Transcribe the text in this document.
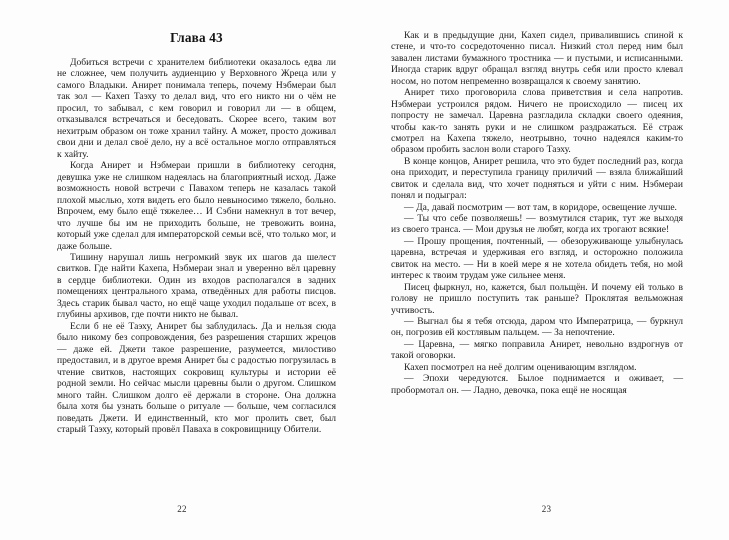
Глава 43

Добиться встречи с хранителем библиотеки оказалось едва ли не сложнее, чем получить аудиенцию у Верховного Жреца или у самого Владыки. Анирет понимала теперь, почему Нэбмераи был так зол — Кахеп Таэху то делал вид, что его никто ни о чём не просил, то забывал, с кем говорил и говорил ли — в общем, отказывался встречаться и беседовать. Скорее всего, таким вот нехитрым образом он тоже хранил тайну. А может, просто доживал свои дни и делал своё дело, ну а всё остальное могло отправляться к хайту.

Когда Анирет и Нэбмераи пришли в библиотеку сегодня, девушка уже не слишком надеялась на благоприятный исход. Даже возможность новой встречи с Павахом теперь не казалась такой плохой мыслью, хотя видеть его было невыносимо тяжело, больно. Впрочем, ему было ещё тяжелее… И Сэбни намекнул в тот вечер, что лучше бы им не приходить больше, не тревожить воина, который уже сделал для императорской семьи всё, что только мог, и даже больше.

Тишину нарушал лишь негромкий звук их шагов да шелест свитков. Где найти Кахепа, Нэбмераи знал и уверенно вёл царевну в сердце библиотеки. Один из входов располагался в задних помещениях центрального храма, отведённых для работы писцов. Здесь старик бывал часто, но ещё чаще уходил подальше от всех, в глубины архивов, где почти никто не бывал.

Если б не её Таэху, Анирет бы заблудилась. Да и нельзя сюда было никому без сопровождения, без разрешения старших жрецов — даже ей. Джети такое разрешение, разумеется, милостиво предоставил, и в другое время Анирет бы с радостью погрузилась в чтение свитков, настоящих сокровищ культуры и истории её родной земли. Но сейчас мысли царевны были о другом. Слишком много тайн. Слишком долго её держали в стороне. Она должна была хотя бы узнать больше о ритуале — больше, чем согласился поведать Джети. И единственный, кто мог пролить свет, был старый Таэху, который провёл Паваха в сокровищницу Обители.

22

Как и в предыдущие дни, Кахеп сидел, привалившись спиной к стене, и что-то сосредоточенно писал. Низкий стол перед ним был завален листами бумажного тростника — и пустыми, и исписанными. Иногда старик вдруг обращал взгляд внутрь себя или просто клевал носом, но потом непременно возвращался к своему занятию.

Анирет тихо проговорила слова приветствия и села напротив. Нэбмераи устроился рядом. Ничего не происходило — писец их попросту не замечал. Царевна разгладила складки своего одеяния, чтобы как-то занять руки и не слишком раздражаться. Её страж смотрел на Кахепа тяжело, неотрывно, точно надеялся каким-то образом пробить заслон воли старого Таэху.

В конце концов, Анирет решила, что это будет последний раз, когда она приходит, и переступила границу приличий — взяла ближайший свиток и сделала вид, что хочет подняться и уйти с ним. Нэбмераи понял и подыграл:

— Да, давай посмотрим — вот там, в коридоре, освещение лучше.

— Ты что себе позволяешь! — возмутился старик, тут же выходя из своего транса. — Мои друзья не любят, когда их трогают всякие!

— Прошу прощения, почтенный, — обезоруживающе улыбнулась царевна, встречая и удерживая его взгляд, и осторожно положила свиток на место. — Ни в коей мере я не хотела обидеть тебя, но мой интерес к твоим трудам уже сильнее меня.

Писец фыркнул, но, кажется, был польщён. И почему ей только в голову не пришло поступить так раньше? Проклятая вельможная учтивость.

— Выгнал бы я тебя отсюда, даром что Императрица, — буркнул он, погрозив ей костлявым пальцем. — За непочтение.

— Царевна, — мягко поправила Анирет, невольно вздрогнув от такой оговорки.

Кахеп посмотрел на неё долгим оценивающим взглядом.

— Эпохи чередуются. Былое поднимается и оживает, — пробормотал он. — Ладно, девочка, пока ещё не носящая

23
